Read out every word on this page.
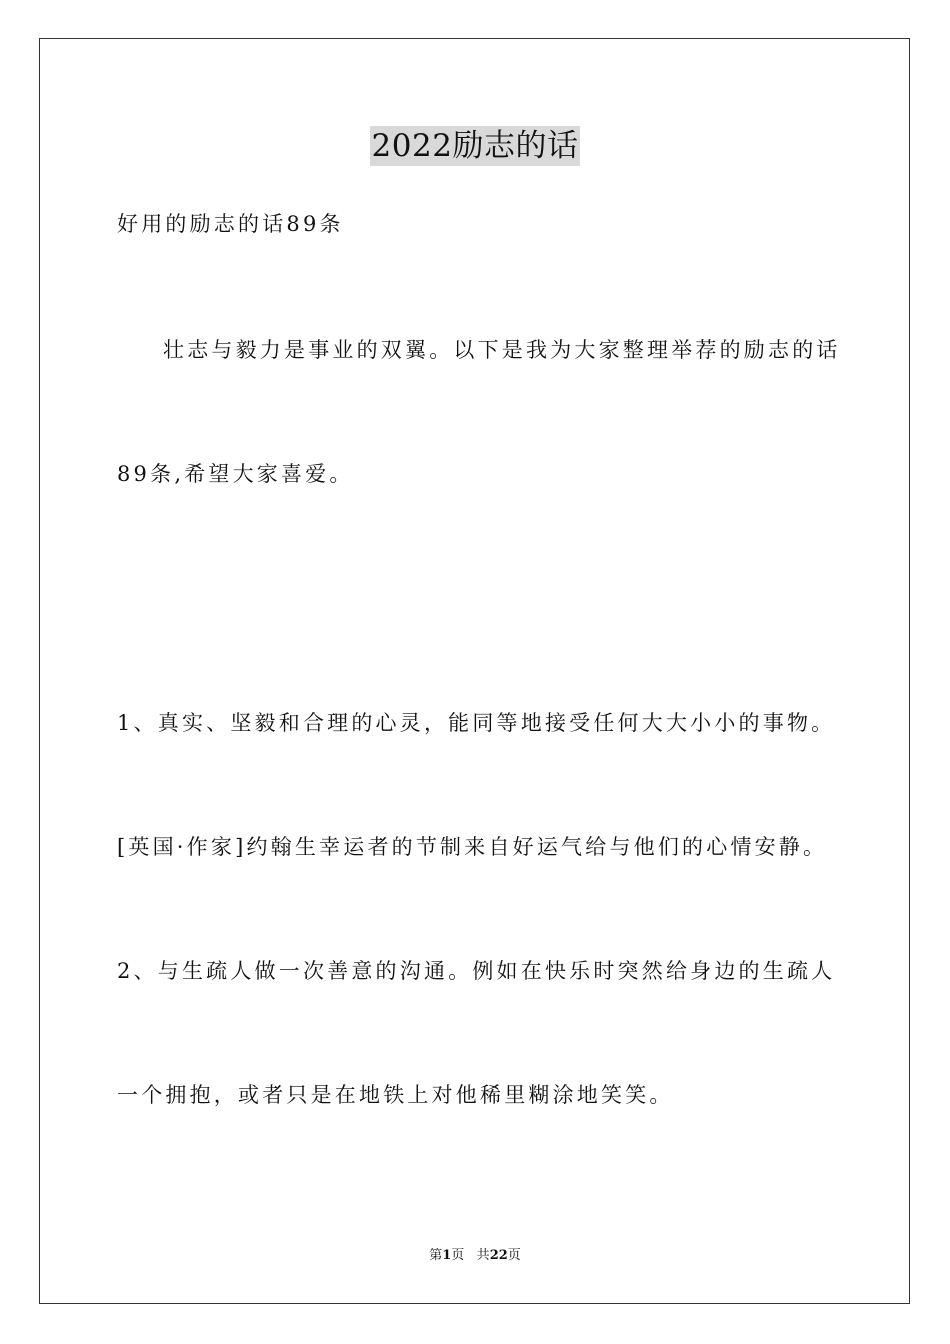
2022励志的话
好用的励志的话89条
壮志与毅力是事业的双翼。以下是我为大家整理举荐的励志的话
89条,希望大家喜爱。
1、真实、坚毅和合理的心灵，能同等地接受任何大大小小的事物。
[英国·作家]约翰生幸运者的节制来自好运气给与他们的心情安静。
2、与生疏人做一次善意的沟通。例如在快乐时突然给身边的生疏人
一个拥抱，或者只是在地铁上对他稀里糊涂地笑笑。
第1页 共22页
